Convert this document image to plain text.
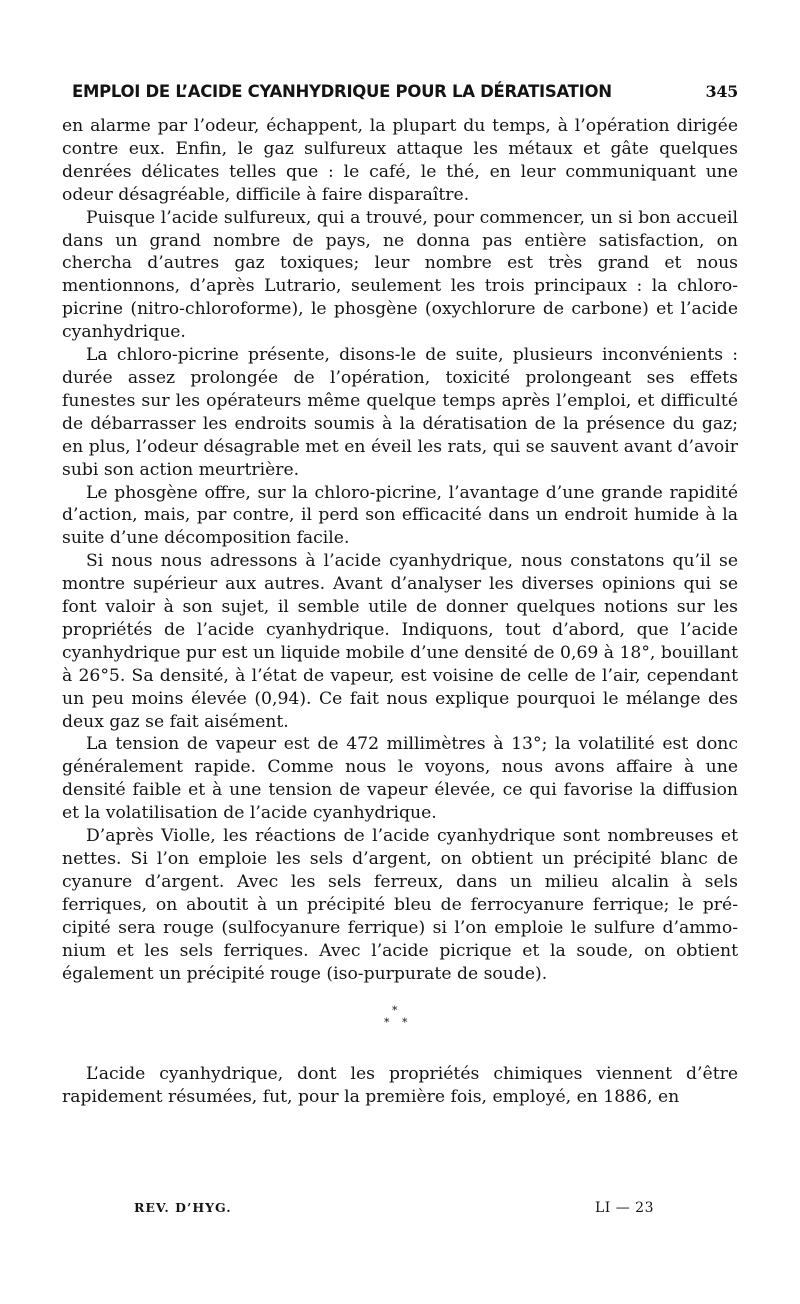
EMPLOI DE L’ACIDE CYANHYDRIQUE POUR LA DÉRATISATION	345

en alarme par l’odeur, échappent, la plupart du temps, à l’opération dirigée contre eux. Enfin, le gaz sulfureux attaque les métaux et gâte quelques denrées délicates telles que : le café, le thé, en leur communiquant une odeur désagréable, difficile à faire disparaître.

Puisque l’acide sulfureux, qui a trouvé, pour commencer, un si bon accueil dans un grand nombre de pays, ne donna pas entière satisfaction, on chercha d’autres gaz toxiques; leur nombre est très grand et nous mentionnons, d’après Lutrario, seulement les trois principaux : la chloropicrine (nitro-chloroforme), le phosgène (oxychlorure de carbone) et l’acide cyanhydrique.

La chloro-picrine présente, disons-le de suite, plusieurs inconvénients : durée assez prolongée de l’opération, toxicité prolongeant ses effets funestes sur les opérateurs même quelque temps après l’emploi, et difficulté de débarrasser les endroits soumis à la dératisation de la présence du gaz; en plus, l’odeur désagrable met en éveil les rats, qui se sauvent avant d’avoir subi son action meurtrière.

Le phosgène offre, sur la chloro-picrine, l’avantage d’une grande rapidité d’action, mais, par contre, il perd son efficacité dans un endroit humide à la suite d’une décomposition facile.

Si nous nous adressons à l’acide cyanhydrique, nous constatons qu’il se montre supérieur aux autres. Avant d’analyser les diverses opinions qui se font valoir à son sujet, il semble utile de donner quelques notions sur les propriétés de l’acide cyanhydrique. Indiquons, tout d’abord, que l’acide cyanhydrique pur est un liquide mobile d’une densité de 0,69 à 18°, bouillant à 26°5. Sa densité, à l’état de vapeur, est voisine de celle de l’air, cependant un peu moins élevée (0,94). Ce fait nous explique pourquoi le mélange des deux gaz se fait aisément.

La tension de vapeur est de 472 millimètres à 13°; la volatilité est donc généralement rapide. Comme nous le voyons, nous avons affaire à une densité faible et à une tension de vapeur élevée, ce qui favorise la diffusion et la volatilisation de l’acide cyanhydrique.

D’après Violle, les réactions de l’acide cyanhydrique sont nombreuses et nettes. Si l’on emploie les sels d’argent, on obtient un précipité blanc de cyanure d’argent. Avec les sels ferreux, dans un milieu alcalin à sels ferriques, on aboutit à un précipité bleu de ferrocyanure ferrique; le précipité sera rouge (sulfocyanure ferrique) si l’on emploie le sulfure d’ammonium et les sels ferriques. Avec l’acide picrique et la soude, on obtient également un précipité rouge (iso-purpurate de soude).

*
* *

L’acide cyanhydrique, dont les propriétés chimiques viennent d’être rapidement résumées, fut, pour la première fois, employé, en 1886, en

REV. D’HYG.	LI — 23
